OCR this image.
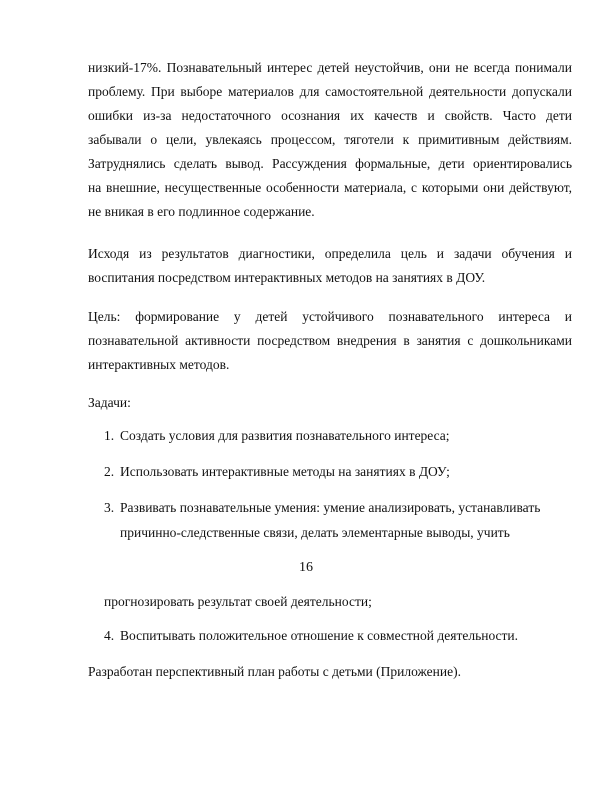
низкий-17%. Познавательный интерес детей неустойчив, они не всегда понимали
проблему. При выборе материалов для самостоятельной деятельности допускали
ошибки из-за недостаточного осознания их качеств и свойств. Часто дети
забывали о цели, увлекаясь процессом, тяготели к примитивным действиям.
Затруднялись сделать вывод. Рассуждения формальные, дети ориентировались
на внешние, несущественные особенности материала, с которыми они действуют,
не вникая в его подлинное содержание.
Исходя из результатов диагностики, определила цель и задачи обучения и
воспитания посредством интерактивных методов на занятиях в ДОУ.
Цель: формирование у детей устойчивого познавательного интереса и
познавательной активности посредством внедрения в занятия с дошкольниками
интерактивных методов.
Задачи:
1. Создать условия для развития познавательного интереса;
2. Использовать интерактивные методы на занятиях в ДОУ;
3. Развивать познавательные умения: умение анализировать, устанавливать
причинно-следственные связи, делать элементарные выводы, учить
16
прогнозировать результат своей деятельности;
4. Воспитывать положительное отношение к совместной деятельности.
Разработан перспективный план работы с детьми (Приложение).
